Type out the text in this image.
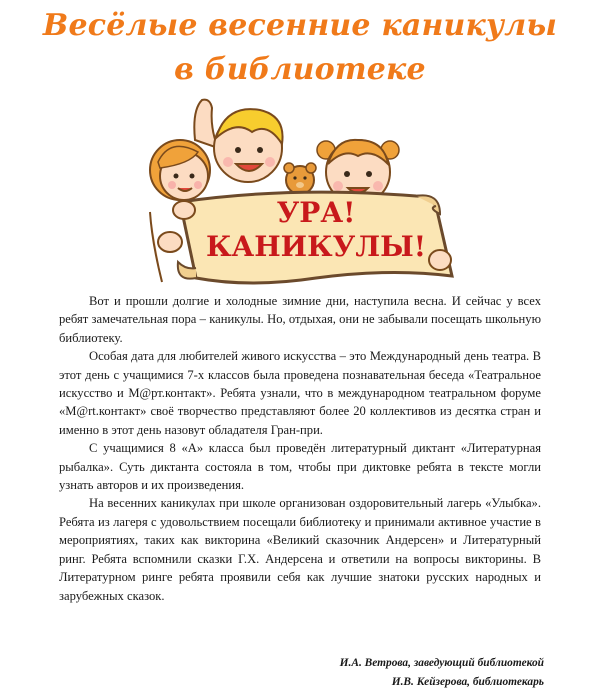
Весёлые весенние каникулы
в библиотеке
УРА!
КАНИКУЛЫ!

Вот и прошли долгие и холодные зимние дни, наступила весна. И сейчас у всех ребят замечательная пора – каникулы. Но, отдыхая, они не забывали посещать школьную библиотеку.

Особая дата для любителей живого искусства – это Международный день театра. В этот день с учащимися 7-х классов была проведена познавательная беседа «Театральное искусство и М@рт.контакт». Ребята узнали, что в международном театральном форуме «М@rt.контакт» своё творчество представляют более 20 коллективов из десятка стран и именно в этот день назовут обладателя Гран-при.

С учащимися 8 «А» класса был проведён литературный диктант «Литературная рыбалка». Суть диктанта состояла в том, чтобы при диктовке ребята в тексте могли узнать авторов и их произведения.

На весенних каникулах при школе организован оздоровительный лагерь «Улыбка». Ребята из лагеря с удовольствием посещали библиотеку и принимали активное участие в мероприятиях, таких как викторина «Великий сказочник Андерсен» и Литературный ринг. Ребята вспомнили сказки Г.Х. Андерсена и ответили на вопросы викторины. В Литературном ринге ребята проявили себя как лучшие знатоки русских народных и зарубежных сказок.

И.А. Ветрова, заведующий библиотекой
И.В. Кейзерова, библиотекарь
